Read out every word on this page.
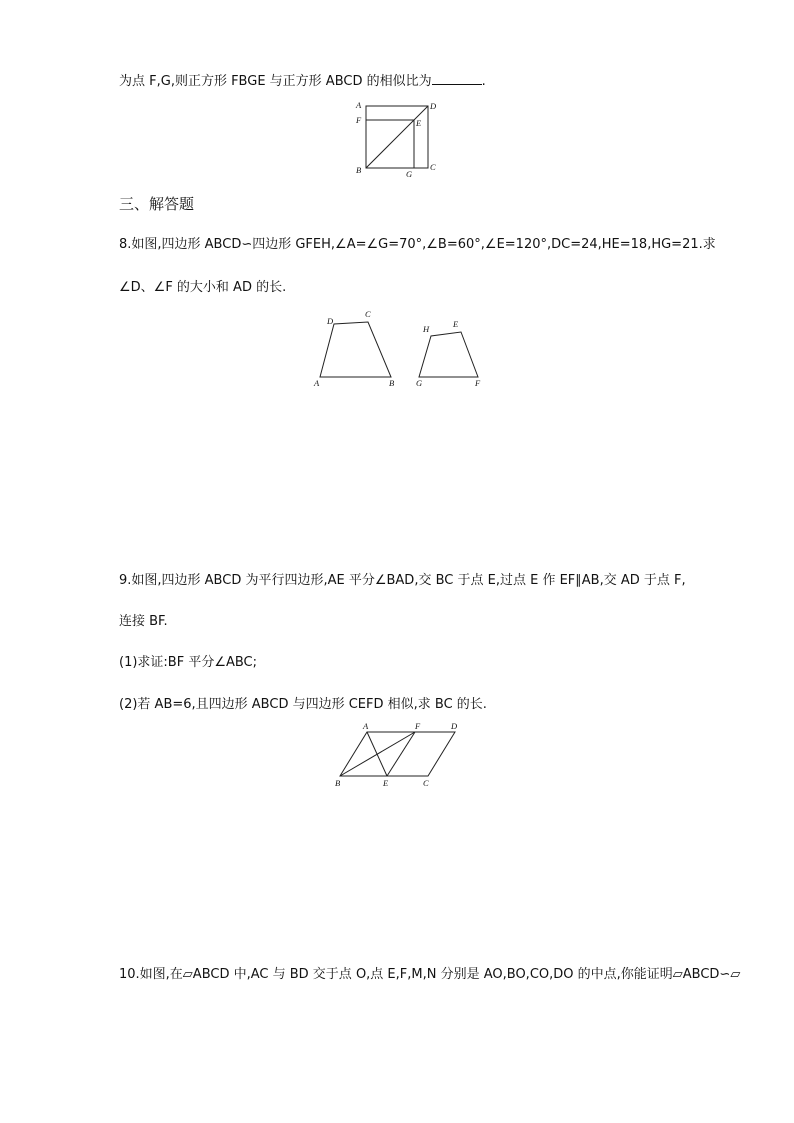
为点 F,G,则正方形 FBGE 与正方形 ABCD 的相似比为	.
A	D
F	E
B	G
C
三、解答题
8.如图,四边形 ABCD∽四边形 GFEH,∠A=∠G=70°,∠B=60°,∠E=120°,DC=24,HE=18,HG=21.求
∠D、∠F 的大小和 AD 的长.
A	B
C
D
G	F
E
H
9.如图,四边形 ABCD 为平行四边形,AE 平分∠BAD,交 BC 于点 E,过点 E 作 EF∥AB,交 AD 于点 F,
连接 BF.
(1)求证:BF 平分∠ABC;
(2)若 AB=6,且四边形 ABCD 与四边形 CEFD 相似,求 BC 的长.
A	F	D
B	E	C
10.如图,在▱ABCD 中,AC 与 BD 交于点 O,点 E,F,M,N 分别是 AO,BO,CO,DO 的中点,你能证明▱ABCD∽▱
